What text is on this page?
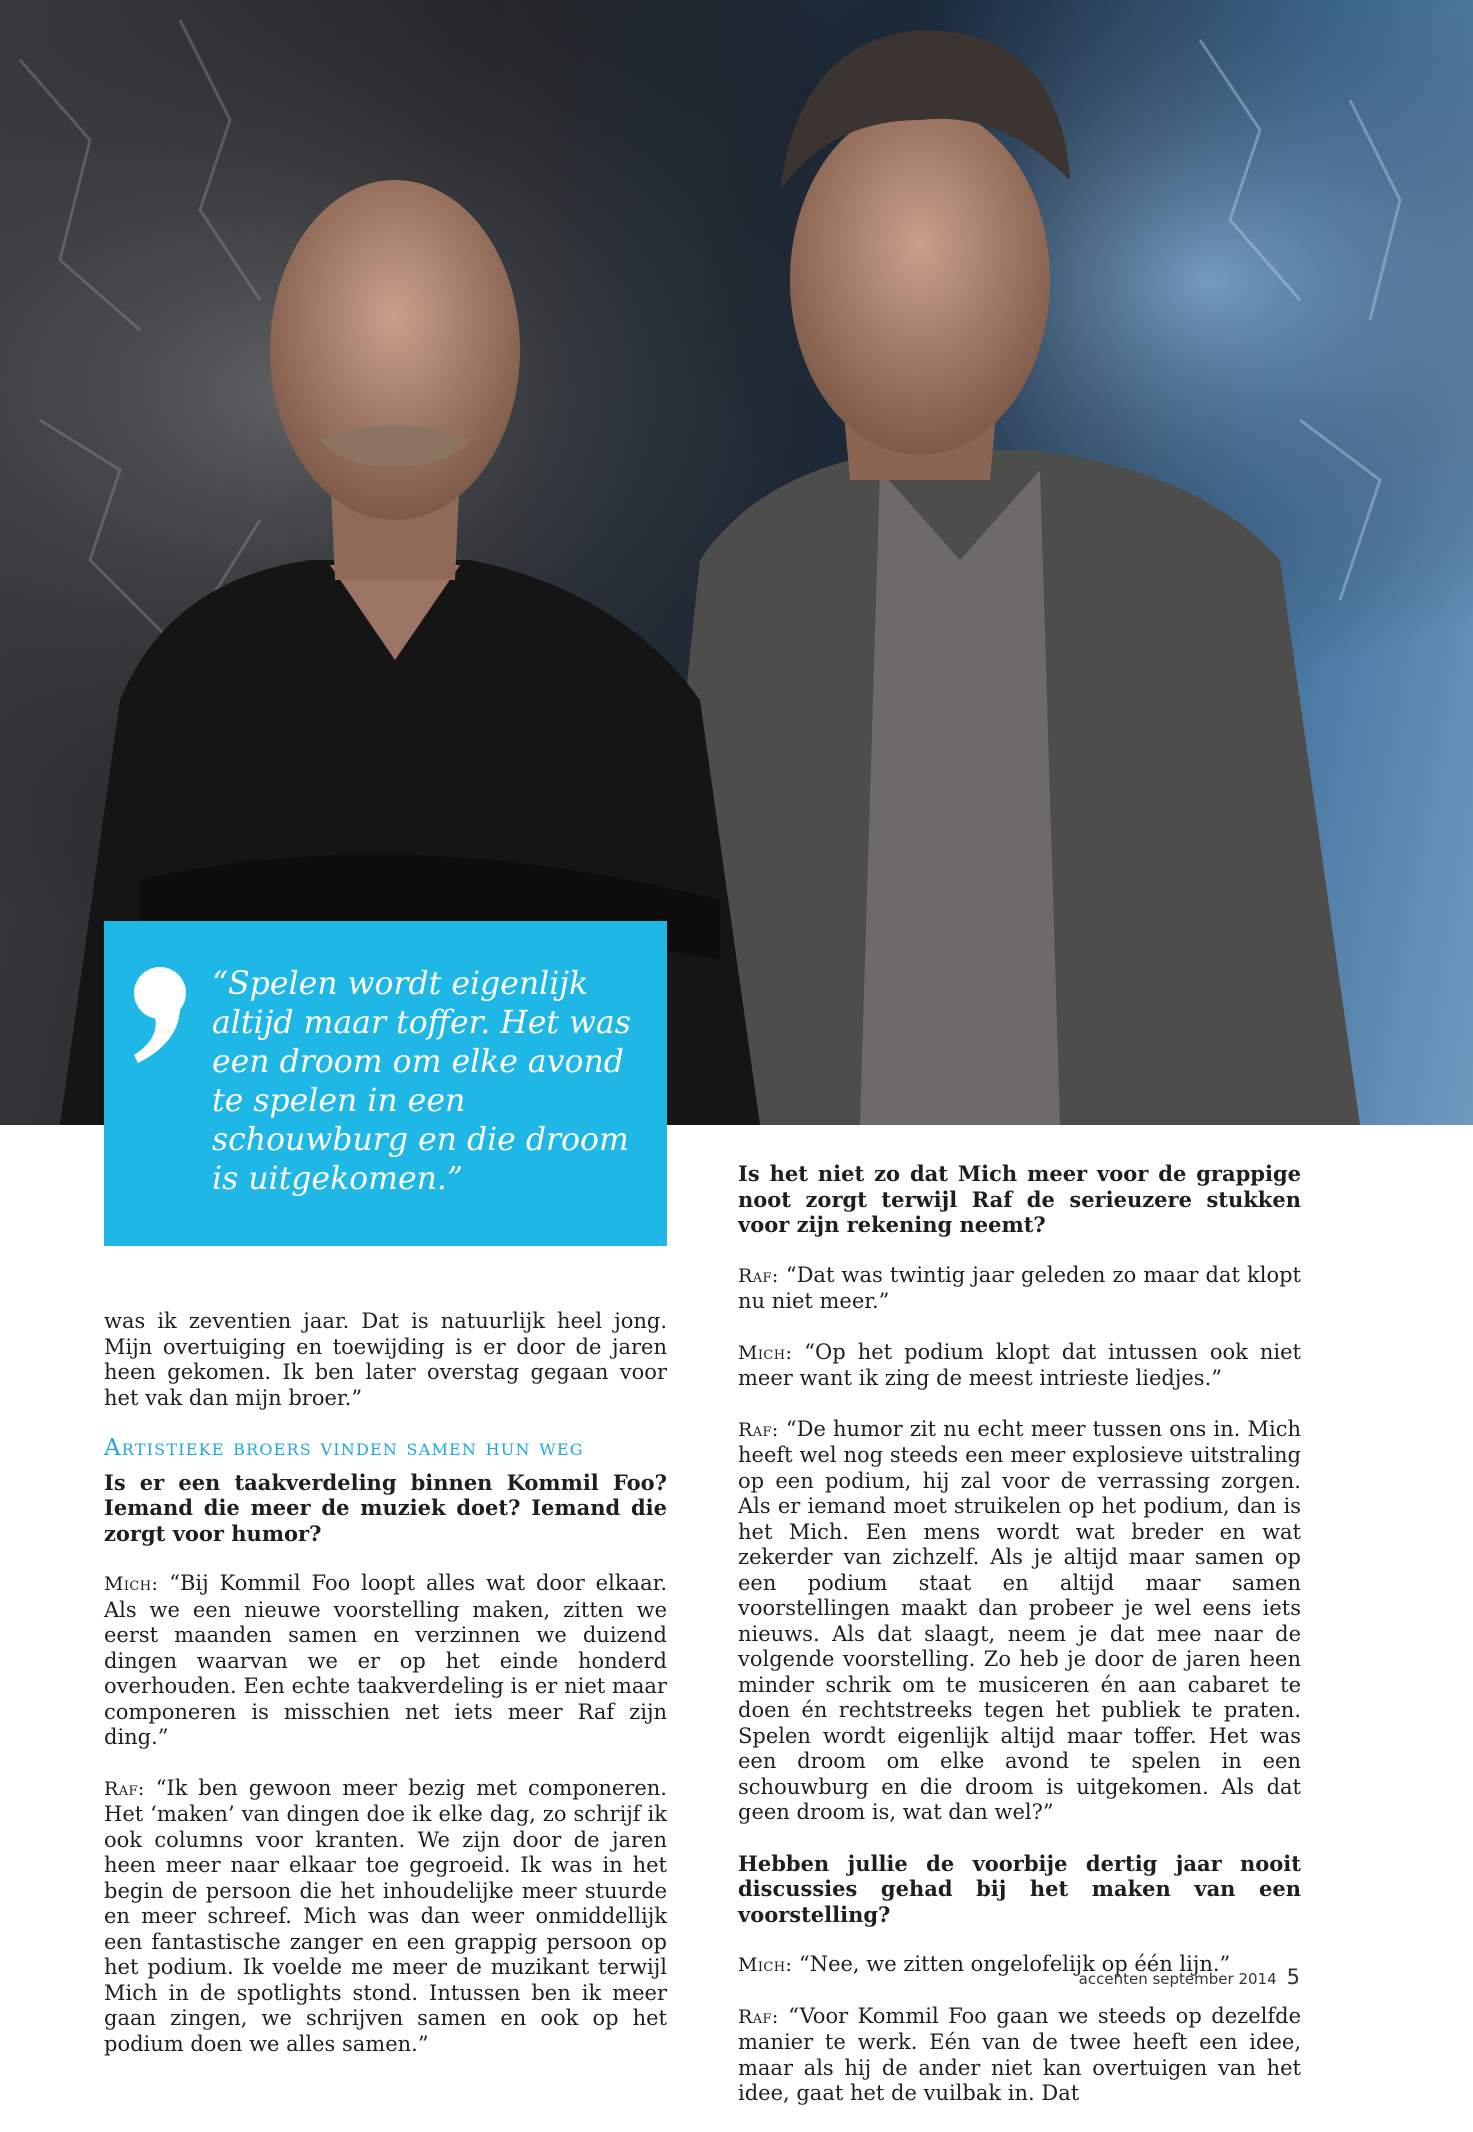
“Spelen wordt eigenlijk altijd maar toffer. Het was een droom om elke avond te spelen in een schouwburg en die droom is uitgekomen.”

was ik zeventien jaar. Dat is natuurlijk heel jong. Mijn overtuiging en toewijding is er door de jaren heen gekomen. Ik ben later overstag gegaan voor het vak dan mijn broer.”

Artistieke broers vinden samen hun weg

Is er een taakverdeling binnen Kommil Foo? Iemand die meer de muziek doet? Iemand die zorgt voor humor?

Mich: “Bij Kommil Foo loopt alles wat door elkaar. Als we een nieuwe voorstelling maken, zitten we eerst maanden samen en verzinnen we duizend dingen waarvan we er op het einde honderd overhouden. Een echte taakverdeling is er niet maar componeren is misschien net iets meer Raf zijn ding.”

Raf: “Ik ben gewoon meer bezig met componeren. Het ‘maken’ van dingen doe ik elke dag, zo schrijf ik ook columns voor kranten. We zijn door de jaren heen meer naar elkaar toe gegroeid. Ik was in het begin de persoon die het inhoudelijke meer stuurde en meer schreef. Mich was dan weer onmiddellijk een fantastische zanger en een grappig persoon op het podium. Ik voelde me meer de muzikant terwijl Mich in de spotlights stond. Intussen ben ik meer gaan zingen, we schrijven samen en ook op het podium doen we alles samen.”

Is het niet zo dat Mich meer voor de grappige noot zorgt terwijl Raf de serieuzere stukken voor zijn rekening neemt?

Raf: “Dat was twintig jaar geleden zo maar dat klopt nu niet meer.”

Mich: “Op het podium klopt dat intussen ook niet meer want ik zing de meest intrieste liedjes.”

Raf: “De humor zit nu echt meer tussen ons in. Mich heeft wel nog steeds een meer explosieve uitstraling op een podium, hij zal voor de verrassing zorgen. Als er iemand moet struikelen op het podium, dan is het Mich. Een mens wordt wat breder en wat zekerder van zichzelf. Als je altijd maar samen op een podium staat en altijd maar samen voorstellingen maakt dan probeer je wel eens iets nieuws. Als dat slaagt, neem je dat mee naar de volgende voorstelling. Zo heb je door de jaren heen minder schrik om te musiceren én aan cabaret te doen én rechtstreeks tegen het publiek te praten. Spelen wordt eigenlijk altijd maar toffer. Het was een droom om elke avond te spelen in een schouwburg en die droom is uitgekomen. Als dat geen droom is, wat dan wel?”

Hebben jullie de voorbije dertig jaar nooit discussies gehad bij het maken van een voorstelling?

Mich: “Nee, we zitten ongelofelijk op één lijn.”

Raf: “Voor Kommil Foo gaan we steeds op dezelfde manier te werk. Eén van de twee heeft een idee, maar als hij de ander niet kan overtuigen van het idee, gaat het de vuilbak in. Dat

accenten september 2014 5
